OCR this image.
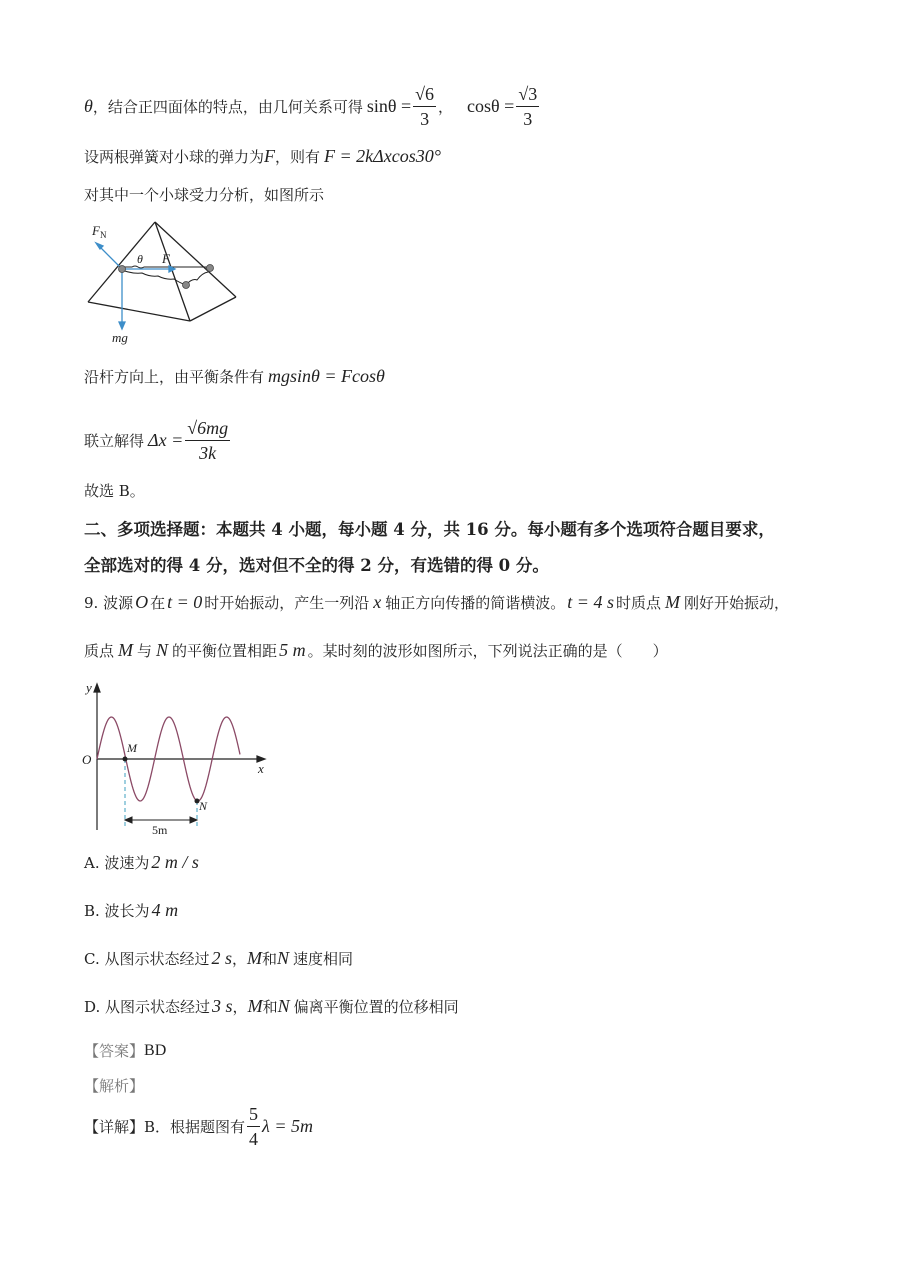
θ ，结合正四面体的特点，由几何关系可得 $\sin\theta = \frac{√6}{3}$ ， $\cos\theta = \frac{√3}{3}$
设两根弹簧对小球的弹力为 F ，则有 F = 2kΔxcos30°
对其中一个小球受力分析，如图所示
$F_N$
θ F
mg
沿杆方向上，由平衡条件有 mgsinθ = Fcosθ
联立解得 $\Delta x = \frac{√6mg}{3k}$
故选 B。
二、多项选择题：本题共 4 小题，每小题 4 分，共 16 分。每小题有多个选项符合题目要求，
全部选对的得 4 分，选对但不全的得 2 分，有选错的得 0 分。
9. 波源 O 在 t = 0 时开始振动，产生一列沿 x 轴正方向传播的简谐横波。 t = 4 s 时质点 M 刚好开始振动，
质点 M 与 N 的平衡位置相距 5 m 。某时刻的波形如图所示，下列说法正确的是（　　）
y
x
O
M
N
5m
A. 波速为 2 m / s
B. 波长为 4 m
C. 从图示状态经过 2 s ， M 和 N 速度相同
D. 从图示状态经过 3 s ， M 和 N 偏离平衡位置的位移相同
【答案】 BD
【解析】
【详解】 B．根据题图有 $\frac{5}{4}$ λ = 5m
